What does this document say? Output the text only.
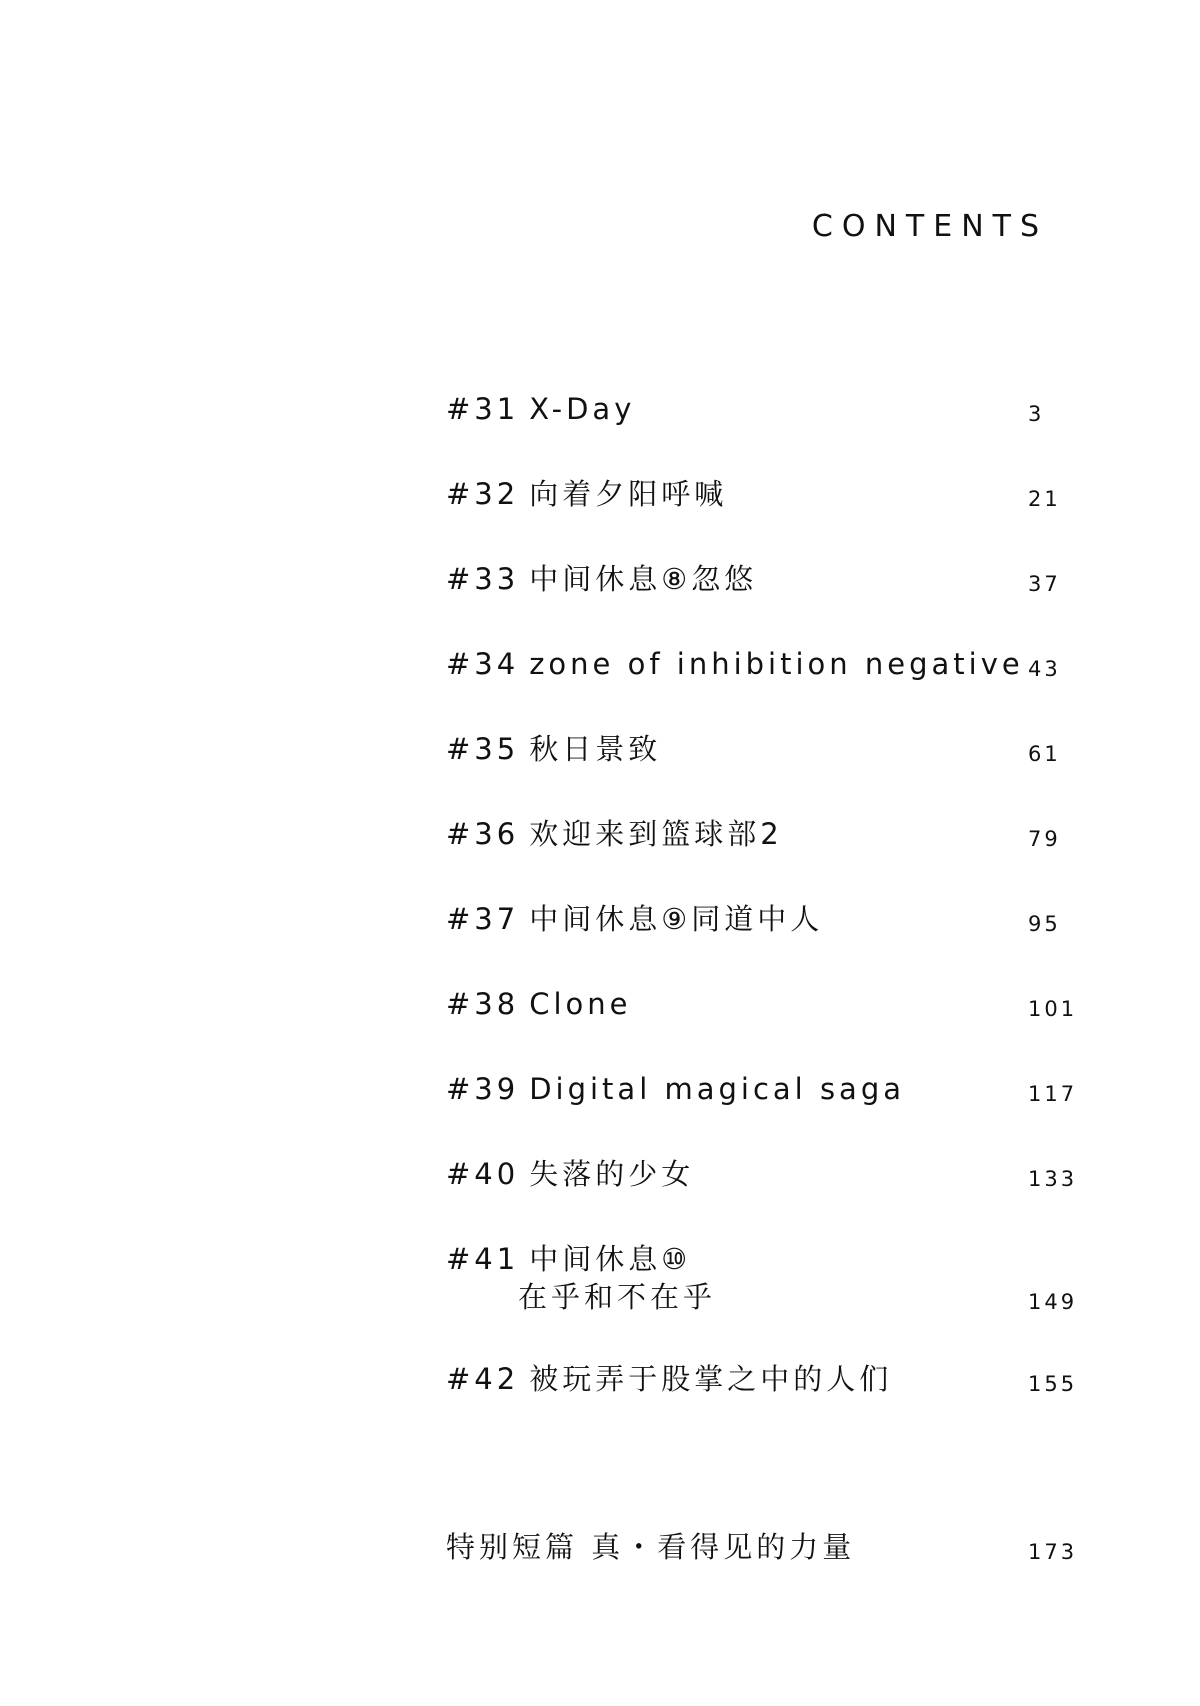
CONTENTS
#31 X-Day	3
#32 向着夕阳呼喊	21
#33 中间休息⑧忽悠	37
#34 zone of inhibition negative 43
#35 秋日景致	61
#36 欢迎来到篮球部2	79
#37 中间休息⑨同道中人	95
#38 Clone	101
#39 Digital magical saga	117
#40 失落的少女	133
#41 中间休息⑩
在乎和不在乎	149
#42 被玩弄于股掌之中的人们	155
特别短篇 真・看得见的力量	173
